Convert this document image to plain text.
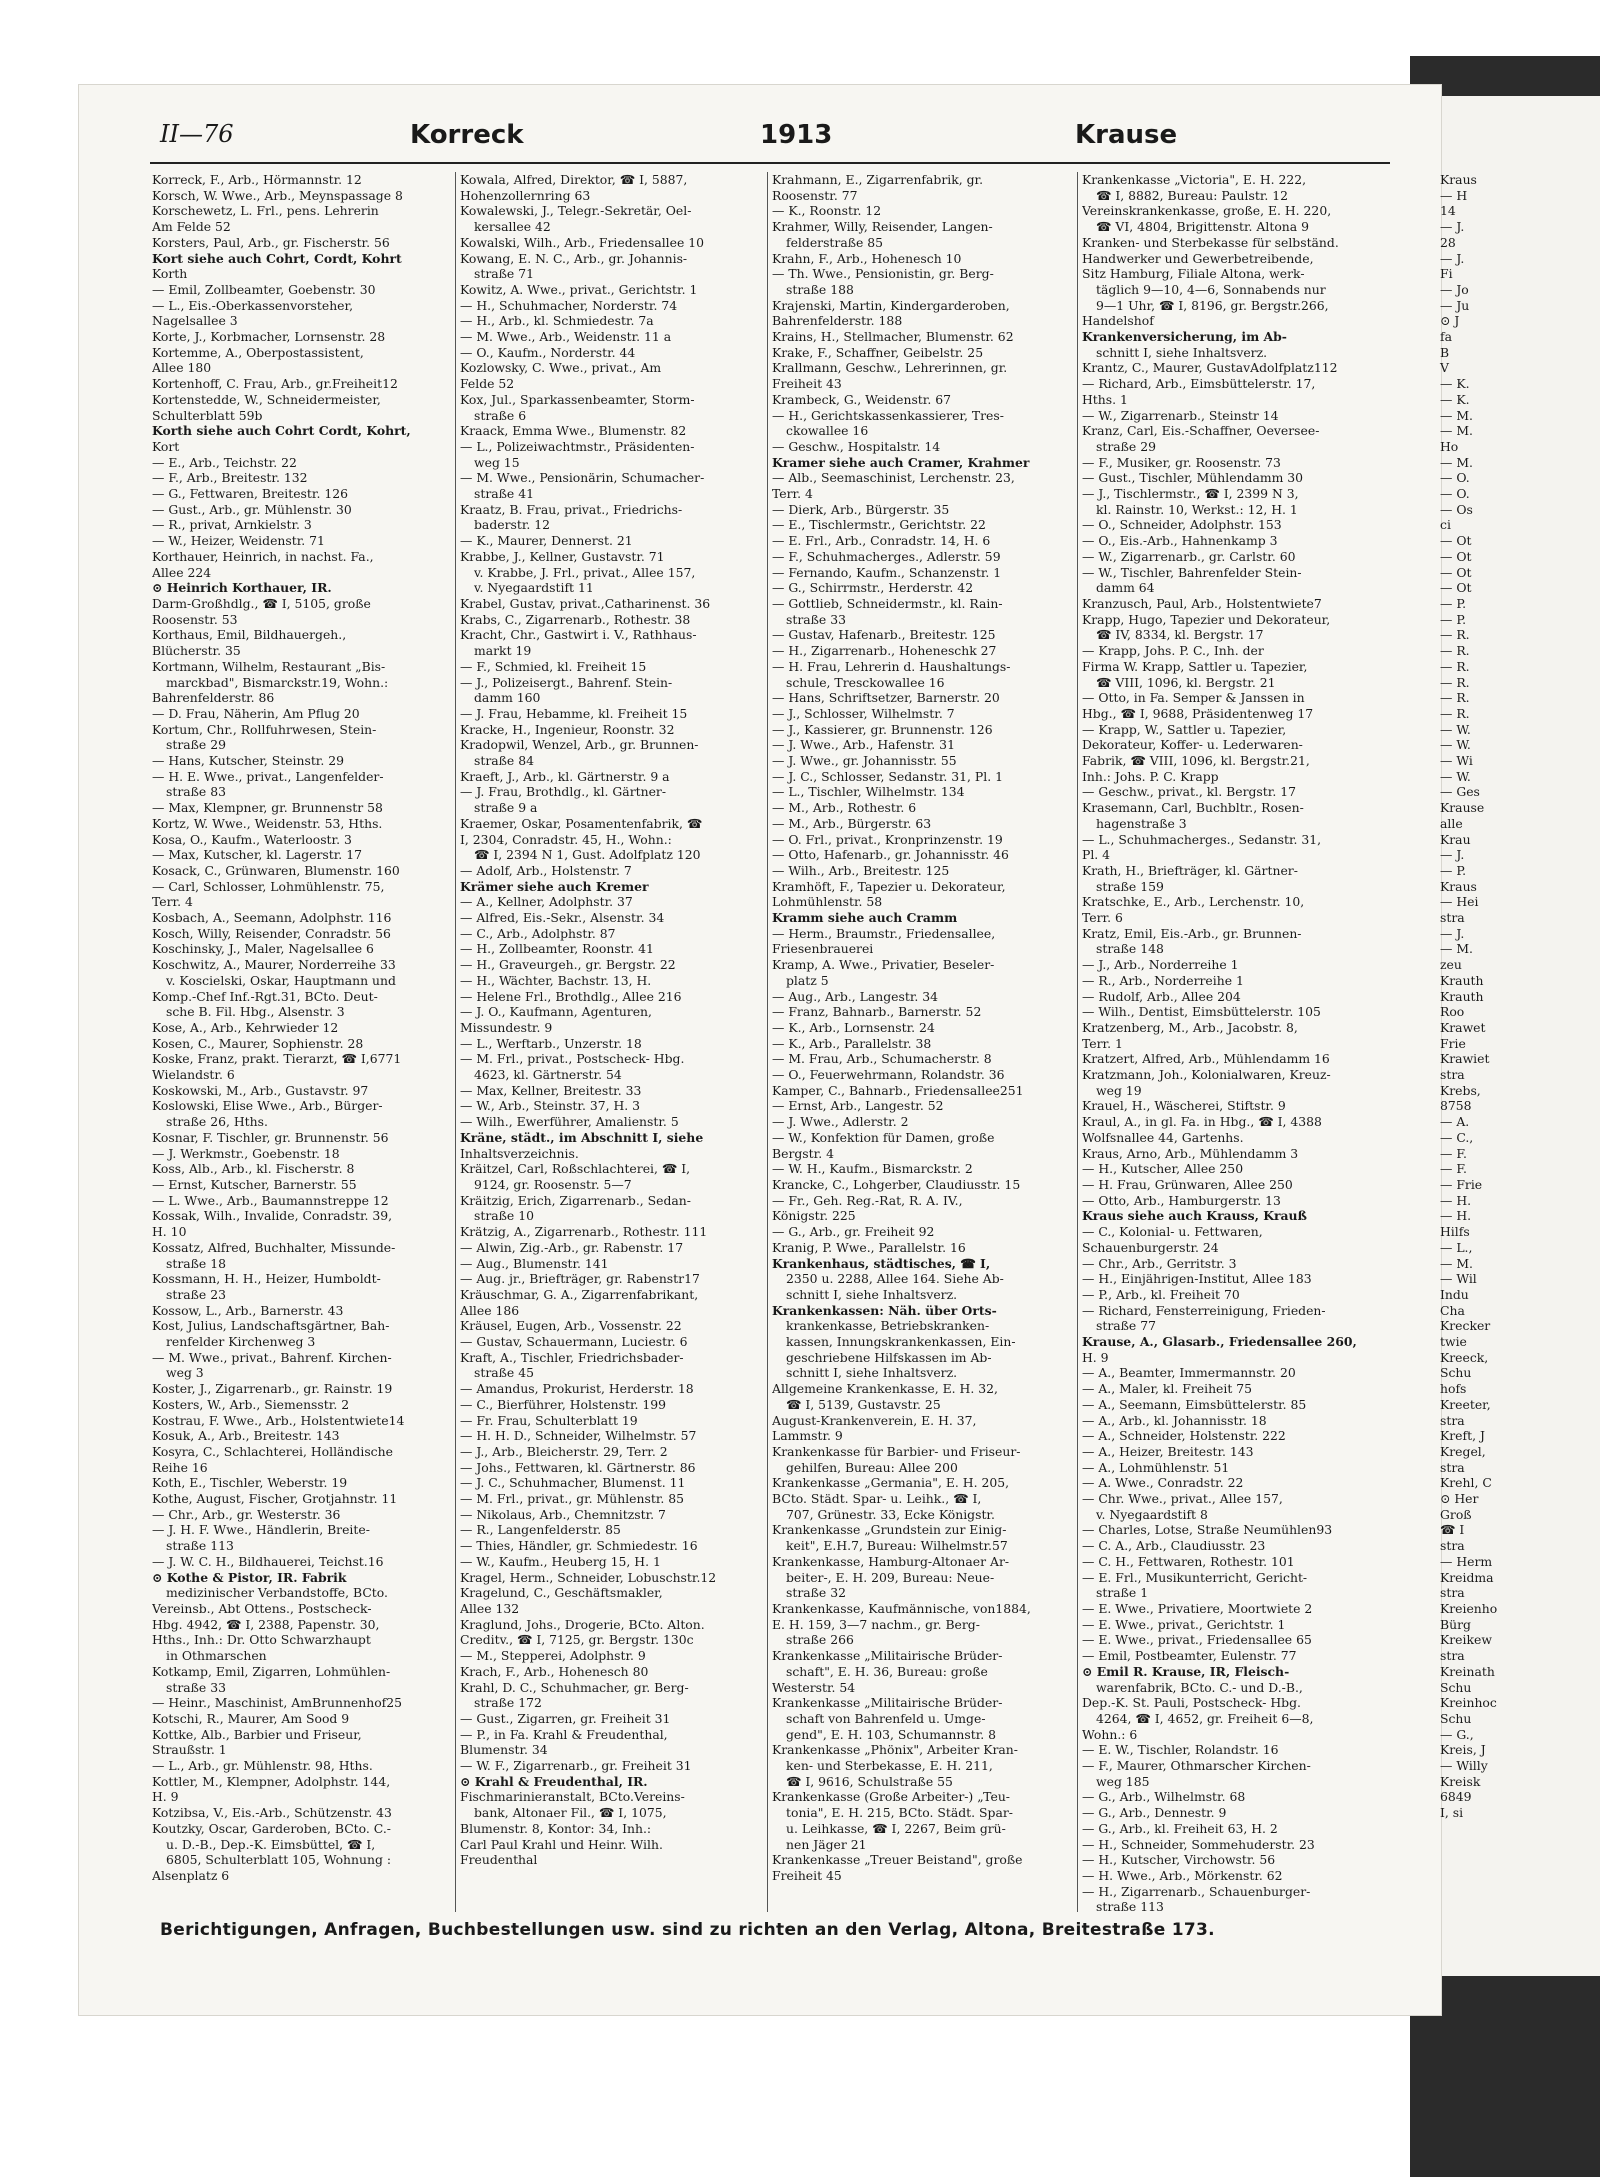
II—76	Korreck	1913	Krause
Korreck, F., Arb., Hörmannstr. 12
Korsch, W. Wwe., Arb., Meynspassage 8
Korschewetz, L. Frl., pens. Lehrerin
Am Felde 52
Korsters, Paul, Arb., gr. Fischerstr. 56
Kort siehe auch Cohrt, Cordt, Kohrt
Korth
— Emil, Zollbeamter, Goebenstr. 30
— L., Eis.-Oberkassenvorsteher,
Nagelsallee 3
Korte, J., Korbmacher, Lornsenstr. 28
Kortemme, A., Oberpostassistent,
Allee 180
Kortenhoff, C. Frau, Arb., gr.Freiheit12
Kortenstedde, W., Schneidermeister,
Schulterblatt 59b
Korth siehe auch Cohrt Cordt, Kohrt,
Kort
— E., Arb., Teichstr. 22
— F., Arb., Breitestr. 132
— G., Fettwaren, Breitestr. 126
— Gust., Arb., gr. Mühlenstr. 30
— R., privat, Arnkielstr. 3
— W., Heizer, Weidenstr. 71
Korthauer, Heinrich, in nachst. Fa.,
Allee 224
⊙ Heinrich Korthauer, IR.
Darm-Großhdlg., ☎ I, 5105, große
Roosenstr. 53
Korthaus, Emil, Bildhauergeh.,
Blücherstr. 35
Kortmann, Wilhelm, Restaurant „Bis-
marckbad", Bismarckstr.19, Wohn.:
Bahrenfelderstr. 86
— D. Frau, Näherin, Am Pflug 20
Kortum, Chr., Rollfuhrwesen, Stein-
straße 29
— Hans, Kutscher, Steinstr. 29
— H. E. Wwe., privat., Langenfelder-
straße 83
— Max, Klempner, gr. Brunnenstr 58
Kortz, W. Wwe., Weidenstr. 53, Hths.
Kosa, O., Kaufm., Waterloostr. 3
— Max, Kutscher, kl. Lagerstr. 17
Kosack, C., Grünwaren, Blumenstr. 160
— Carl, Schlosser, Lohmühlenstr. 75,
Terr. 4
Kosbach, A., Seemann, Adolphstr. 116
Kosch, Willy, Reisender, Conradstr. 56
Koschinsky, J., Maler, Nagelsallee 6
Koschwitz, A., Maurer, Norderreihe 33
v. Koscielski, Oskar, Hauptmann und
Komp.-Chef Inf.-Rgt.31, BCto. Deut-
sche B. Fil. Hbg., Alsenstr. 3
Kose, A., Arb., Kehrwieder 12
Kosen, C., Maurer, Sophienstr. 28
Koske, Franz, prakt. Tierarzt, ☎ I,6771
Wielandstr. 6
Koskowski, M., Arb., Gustavstr. 97
Koslowski, Elise Wwe., Arb., Bürger-
straße 26, Hths.
Kosnar, F. Tischler, gr. Brunnenstr. 56
— J. Werkmstr., Goebenstr. 18
Koss, Alb., Arb., kl. Fischerstr. 8
— Ernst, Kutscher, Barnerstr. 55
— L. Wwe., Arb., Baumannstreppe 12
Kossak, Wilh., Invalide, Conradstr. 39,
H. 10
Kossatz, Alfred, Buchhalter, Missunde-
straße 18
Kossmann, H. H., Heizer, Humboldt-
straße 23
Kossow, L., Arb., Barnerstr. 43
Kost, Julius, Landschaftsgärtner, Bah-
renfelder Kirchenweg 3
— M. Wwe., privat., Bahrenf. Kirchen-
weg 3
Koster, J., Zigarrenarb., gr. Rainstr. 19
Kosters, W., Arb., Siemensstr. 2
Kostrau, F. Wwe., Arb., Holstentwiete14
Kosuk, A., Arb., Breitestr. 143
Kosyra, C., Schlachterei, Holländische
Reihe 16
Koth, E., Tischler, Weberstr. 19
Kothe, August, Fischer, Grotjahnstr. 11
— Chr., Arb., gr. Westerstr. 36
— J. H. F. Wwe., Händlerin, Breite-
straße 113
— J. W. C. H., Bildhauerei, Teichst.16
⊙ Kothe & Pistor, IR. Fabrik
medizinischer Verbandstoffe, BCto.
Vereinsb., Abt Ottens., Postscheck-
Hbg. 4942, ☎ I, 2388, Papenstr. 30,
Hths., Inh.: Dr. Otto Schwarzhaupt
in Othmarschen
Kotkamp, Emil, Zigarren, Lohmühlen-
straße 33
— Heinr., Maschinist, AmBrunnenhof25
Kotschi, R., Maurer, Am Sood 9
Kottke, Alb., Barbier und Friseur,
Straußstr. 1
— L., Arb., gr. Mühlenstr. 98, Hths.
Kottler, M., Klempner, Adolphstr. 144,
H. 9
Kotzibsa, V., Eis.-Arb., Schützenstr. 43
Koutzky, Oscar, Garderoben, BCto. C.-
u. D.-B., Dep.-K. Eimsbüttel, ☎ I,
6805, Schulterblatt 105, Wohnung :
Alsenplatz 6
Kowala, Alfred, Direktor, ☎ I, 5887,
Hohenzollernring 63
Kowalewski, J., Telegr.-Sekretär, Oel-
kersallee 42
Kowalski, Wilh., Arb., Friedensallee 10
Kowang, E. N. C., Arb., gr. Johannis-
straße 71
Kowitz, A. Wwe., privat., Gerichtstr. 1
— H., Schuhmacher, Norderstr. 74
— H., Arb., kl. Schmiedestr. 7a
— M. Wwe., Arb., Weidenstr. 11 a
— O., Kaufm., Norderstr. 44
Kozlowsky, C. Wwe., privat., Am
Felde 52
Kox, Jul., Sparkassenbeamter, Storm-
straße 6
Kraack, Emma Wwe., Blumenstr. 82
— L., Polizeiwachtmstr., Präsidenten-
weg 15
— M. Wwe., Pensionärin, Schumacher-
straße 41
Kraatz, B. Frau, privat., Friedrichs-
baderstr. 12
— K., Maurer, Dennerst. 21
Krabbe, J., Kellner, Gustavstr. 71
v. Krabbe, J. Frl., privat., Allee 157,
v. Nyegaardstift 11
Krabel, Gustav, privat.,Catharinenst. 36
Krabs, C., Zigarrenarb., Rothestr. 38
Kracht, Chr., Gastwirt i. V., Rathhaus-
markt 19
— F., Schmied, kl. Freiheit 15
— J., Polizeisergt., Bahrenf. Stein-
damm 160
— J. Frau, Hebamme, kl. Freiheit 15
Kracke, H., Ingenieur, Roonstr. 32
Kradopwil, Wenzel, Arb., gr. Brunnen-
straße 84
Kraeft, J., Arb., kl. Gärtnerstr. 9 a
— J. Frau, Brothdlg., kl. Gärtner-
straße 9 a
Kraemer, Oskar, Posamentenfabrik, ☎
I, 2304, Conradstr. 45, H., Wohn.:
☎ I, 2394 N 1, Gust. Adolfplatz 120
— Adolf, Arb., Holstenstr. 7
Krämer siehe auch Kremer
— A., Kellner, Adolphstr. 37
— Alfred, Eis.-Sekr., Alsenstr. 34
— C., Arb., Adolphstr. 87
— H., Zollbeamter, Roonstr. 41
— H., Graveurgeh., gr. Bergstr. 22
— H., Wächter, Bachstr. 13, H.
— Helene Frl., Brothdlg., Allee 216
— J. O., Kaufmann, Agenturen,
Missundestr. 9
— L., Werftarb., Unzerstr. 18
— M. Frl., privat., Postscheck- Hbg.
4623, kl. Gärtnerstr. 54
— Max, Kellner, Breitestr. 33
— W., Arb., Steinstr. 37, H. 3
— Wilh., Ewerführer, Amalienstr. 5
Kräne, städt., im Abschnitt I, siehe
Inhaltsverzeichnis.
Kräitzel, Carl, Roßschlachterei, ☎ I,
9124, gr. Roosenstr. 5—7
Kräitzig, Erich, Zigarrenarb., Sedan-
straße 10
Krätzig, A., Zigarrenarb., Rothestr. 111
— Alwin, Zig.-Arb., gr. Rabenstr. 17
— Aug., Blumenstr. 141
— Aug. jr., Briefträger, gr. Rabenstr17
Kräuschmar, G. A., Zigarrenfabrikant,
Allee 186
Kräusel, Eugen, Arb., Vossenstr. 22
— Gustav, Schauermann, Luciestr. 6
Kraft, A., Tischler, Friedrichsbader-
straße 45
— Amandus, Prokurist, Herderstr. 18
— C., Bierführer, Holstenstr. 199
— Fr. Frau, Schulterblatt 19
— H. H. D., Schneider, Wilhelmstr. 57
— J., Arb., Bleicherstr. 29, Terr. 2
— Johs., Fettwaren, kl. Gärtnerstr. 86
— J. C., Schuhmacher, Blumenst. 11
— M. Frl., privat., gr. Mühlenstr. 85
— Nikolaus, Arb., Chemnitzstr. 7
— R., Langenfelderstr. 85
— Thies, Händler, gr. Schmiedestr. 16
— W., Kaufm., Heuberg 15, H. 1
Kragel, Herm., Schneider, Lobuschstr.12
Kragelund, C., Geschäftsmakler,
Allee 132
Kraglund, Johs., Drogerie, BCto. Alton.
Creditv., ☎ I, 7125, gr. Bergstr. 130c
— M., Stepperei, Adolphstr. 9
Krach, F., Arb., Hohenesch 80
Krahl, D. C., Schuhmacher, gr. Berg-
straße 172
— Gust., Zigarren, gr. Freiheit 31
— P., in Fa. Krahl & Freudenthal,
Blumenstr. 34
— W. F., Zigarrenarb., gr. Freiheit 31
⊙ Krahl & Freudenthal, IR.
Fischmarinieranstalt, BCto.Vereins-
bank, Altonaer Fil., ☎ I, 1075,
Blumenstr. 8, Kontor: 34, Inh.:
Carl Paul Krahl und Heinr. Wilh.
Freudenthal
Krahmann, E., Zigarrenfabrik, gr.
Roosenstr. 77
— K., Roonstr. 12
Krahmer, Willy, Reisender, Langen-
felderstraße 85
Krahn, F., Arb., Hohenesch 10
— Th. Wwe., Pensionistin, gr. Berg-
straße 188
Krajenski, Martin, Kindergarderoben,
Bahrenfelderstr. 188
Krains, H., Stellmacher, Blumenstr. 62
Krake, F., Schaffner, Geibelstr. 25
Krallmann, Geschw., Lehrerinnen, gr.
Freiheit 43
Krambeck, G., Weidenstr. 67
— H., Gerichtskassenkassierer, Tres-
ckowallee 16
— Geschw., Hospitalstr. 14
Kramer siehe auch Cramer, Krahmer
— Alb., Seemaschinist, Lerchenstr. 23,
Terr. 4
— Dierk, Arb., Bürgerstr. 35
— E., Tischlermstr., Gerichtstr. 22
— E. Frl., Arb., Conradstr. 14, H. 6
— F., Schuhmacherges., Adlerstr. 59
— Fernando, Kaufm., Schanzenstr. 1
— G., Schirrmstr., Herderstr. 42
— Gottlieb, Schneidermstr., kl. Rain-
straße 33
— Gustav, Hafenarb., Breitestr. 125
— H., Zigarrenarb., Hoheneschk 27
— H. Frau, Lehrerin d. Haushaltungs-
schule, Tresckowallee 16
— Hans, Schriftsetzer, Barnerstr. 20
— J., Schlosser, Wilhelmstr. 7
— J., Kassierer, gr. Brunnenstr. 126
— J. Wwe., Arb., Hafenstr. 31
— J. Wwe., gr. Johannisstr. 55
— J. C., Schlosser, Sedanstr. 31, Pl. 1
— L., Tischler, Wilhelmstr. 134
— M., Arb., Rothestr. 6
— M., Arb., Bürgerstr. 63
— O. Frl., privat., Kronprinzenstr. 19
— Otto, Hafenarb., gr. Johannisstr. 46
— Wilh., Arb., Breitestr. 125
Kramhöft, F., Tapezier u. Dekorateur,
Lohmühlenstr. 58
Kramm siehe auch Cramm
— Herm., Braumstr., Friedensallee,
Friesenbrauerei
Kramp, A. Wwe., Privatier, Beseler-
platz 5
— Aug., Arb., Langestr. 34
— Franz, Bahnarb., Barnerstr. 52
— K., Arb., Lornsenstr. 24
— K., Arb., Parallelstr. 38
— M. Frau, Arb., Schumacherstr. 8
— O., Feuerwehrmann, Rolandstr. 36
Kamper, C., Bahnarb., Friedensallee251
— Ernst, Arb., Langestr. 52
— J. Wwe., Adlerstr. 2
— W., Konfektion für Damen, große
Bergstr. 4
— W. H., Kaufm., Bismarckstr. 2
Krancke, C., Lohgerber, Claudiusstr. 15
— Fr., Geh. Reg.-Rat, R. A. IV.,
Königstr. 225
— G., Arb., gr. Freiheit 92
Kranig, P. Wwe., Parallelstr. 16
Krankenhaus, städtisches, ☎ I,
2350 u. 2288, Allee 164. Siehe Ab-
schnitt I, siehe Inhaltsverz.
Krankenkassen: Näh. über Orts-
krankenkasse, Betriebskranken-
kassen, Innungskrankenkassen, Ein-
geschriebene Hilfskassen im Ab-
schnitt I, siehe Inhaltsverz.
Allgemeine Krankenkasse, E. H. 32,
☎ I, 5139, Gustavstr. 25
August-Krankenverein, E. H. 37,
Lammstr. 9
Krankenkasse für Barbier- und Friseur-
gehilfen, Bureau: Allee 200
Krankenkasse „Germania", E. H. 205,
BCto. Städt. Spar- u. Leihk., ☎ I,
707, Grünestr. 33, Ecke Königstr.
Krankenkasse „Grundstein zur Einig-
keit", E.H.7, Bureau: Wilhelmstr.57
Krankenkasse, Hamburg-Altonaer Ar-
beiter-, E. H. 209, Bureau: Neue-
straße 32
Krankenkasse, Kaufmännische, von1884,
E. H. 159, 3—7 nachm., gr. Berg-
straße 266
Krankenkasse „Militairische Brüder-
schaft", E. H. 36, Bureau: große
Westerstr. 54
Krankenkasse „Militairische Brüder-
schaft von Bahrenfeld u. Umge-
gend", E. H. 103, Schumannstr. 8
Krankenkasse „Phönix", Arbeiter Kran-
ken- und Sterbekasse, E. H. 211,
☎ I, 9616, Schulstraße 55
Krankenkasse (Große Arbeiter-) „Teu-
tonia", E. H. 215, BCto. Städt. Spar-
u. Leihkasse, ☎ I, 2267, Beim grü-
nen Jäger 21
Krankenkasse „Treuer Beistand", große
Freiheit 45
Krankenkasse „Victoria", E. H. 222,
☎ I, 8882, Bureau: Paulstr. 12
Vereinskrankenkasse, große, E. H. 220,
☎ VI, 4804, Brigittenstr. Altona 9
Kranken- und Sterbekasse für selbständ.
Handwerker und Gewerbetreibende,
Sitz Hamburg, Filiale Altona, werk-
täglich 9—10, 4—6, Sonnabends nur
9—1 Uhr, ☎ I, 8196, gr. Bergstr.266,
Handelshof
Krankenversicherung, im Ab-
schnitt I, siehe Inhaltsverz.
Krantz, C., Maurer, GustavAdolfplatz112
— Richard, Arb., Eimsbüttelerstr. 17,
Hths. 1
— W., Zigarrenarb., Steinstr 14
Kranz, Carl, Eis.-Schaffner, Oeversee-
straße 29
— F., Musiker, gr. Roosenstr. 73
— Gust., Tischler, Mühlendamm 30
— J., Tischlermstr., ☎ I, 2399 N 3,
kl. Rainstr. 10, Werkst.: 12, H. 1
— O., Schneider, Adolphstr. 153
— O., Eis.-Arb., Hahnenkamp 3
— W., Zigarrenarb., gr. Carlstr. 60
— W., Tischler, Bahrenfelder Stein-
damm 64
Kranzusch, Paul, Arb., Holstentwiete7
Krapp, Hugo, Tapezier und Dekorateur,
☎ IV, 8334, kl. Bergstr. 17
— Krapp, Johs. P. C., Inh. der
Firma W. Krapp, Sattler u. Tapezier,
☎ VIII, 1096, kl. Bergstr. 21
— Otto, in Fa. Semper & Janssen in
Hbg., ☎ I, 9688, Präsidentenweg 17
— Krapp, W., Sattler u. Tapezier,
Dekorateur, Koffer- u. Lederwaren-
Fabrik, ☎ VIII, 1096, kl. Bergstr.21,
Inh.: Johs. P. C. Krapp
— Geschw., privat., kl. Bergstr. 17
Krasemann, Carl, Buchbltr., Rosen-
hagenstraße 3
— L., Schuhmacherges., Sedanstr. 31,
Pl. 4
Krath, H., Briefträger, kl. Gärtner-
straße 159
Kratschke, E., Arb., Lerchenstr. 10,
Terr. 6
Kratz, Emil, Eis.-Arb., gr. Brunnen-
straße 148
— J., Arb., Norderreihe 1
— R., Arb., Norderreihe 1
— Rudolf, Arb., Allee 204
— Wilh., Dentist, Eimsbüttelerstr. 105
Kratzenberg, M., Arb., Jacobstr. 8,
Terr. 1
Kratzert, Alfred, Arb., Mühlendamm 16
Kratzmann, Joh., Kolonialwaren, Kreuz-
weg 19
Krauel, H., Wäscherei, Stiftstr. 9
Kraul, A., in gl. Fa. in Hbg., ☎ I, 4388
Wolfsnallee 44, Gartenhs.
Kraus, Arno, Arb., Mühlendamm 3
— H., Kutscher, Allee 250
— H. Frau, Grünwaren, Allee 250
— Otto, Arb., Hamburgerstr. 13
Kraus siehe auch Krauss, Krauß
— C., Kolonial- u. Fettwaren,
Schauenburgerstr. 24
— Chr., Arb., Gerritstr. 3
— H., Einjährigen-Institut, Allee 183
— P., Arb., kl. Freiheit 70
— Richard, Fensterreinigung, Frieden-
straße 77
Krause, A., Glasarb., Friedensallee 260,
H. 9
— A., Beamter, Immermannstr. 20
— A., Maler, kl. Freiheit 75
— A., Seemann, Eimsbüttelerstr. 85
— A., Arb., kl. Johannisstr. 18
— A., Schneider, Holstenstr. 222
— A., Heizer, Breitestr. 143
— A., Lohmühlenstr. 51
— A. Wwe., Conradstr. 22
— Chr. Wwe., privat., Allee 157,
v. Nyegaardstift 8
— Charles, Lotse, Straße Neumühlen93
— C. A., Arb., Claudiusstr. 23
— C. H., Fettwaren, Rothestr. 101
— E. Frl., Musikunterricht, Gericht-
straße 1
— E. Wwe., Privatiere, Moortwiete 2
— E. Wwe., privat., Gerichtstr. 1
— E. Wwe., privat., Friedensallee 65
— Emil, Postbeamter, Eulenstr. 77
⊙ Emil R. Krause, IR, Fleisch-
warenfabrik, BCto. C.- und D.-B.,
Dep.-K. St. Pauli, Postscheck- Hbg.
4264, ☎ I, 4652, gr. Freiheit 6—8,
Wohn.: 6
— E. W., Tischler, Rolandstr. 16
— F., Maurer, Othmarscher Kirchen-
weg 185
— G., Arb., Wilhelmstr. 68
— G., Arb., Dennestr. 9
— G., Arb., kl. Freiheit 63, H. 2
— H., Schneider, Sommehuderstr. 23
— H., Kutscher, Virchowstr. 56
— H. Wwe., Arb., Mörkenstr. 62
— H., Zigarrenarb., Schauenburger-
straße 113
Kraus
— H
14
— J.
28
— J.
Fi
— Jo
— Ju
⊙ J
fa
B
V
— K.
— K.
— M.
— M.
Ho
— M.
— O.
— O.
— Os
ci
— Ot
— Ot
— Ot
— Ot
— P.
— P.
— R.
— R.
— R.
— R.
— R.
— R.
— W.
— W.
— Wi
— W.
— Ges
Krause
alle
Krau
— J.
— P.
Kraus
— Hei
stra
— J.
— M.
zeu
Krauth
Krauth
Roo
Krawet
Frie
Krawiet
stra
Krebs,
8758
— A.
— C.,
— F.
— F.
— Frie
— H.
— H.
Hilfs
— L.,
— M.
— Wil
Indu
Cha
Krecker
twie
Kreeck,
Schu
hofs
Kreeter,
stra
Kreft, J
Kregel,
stra
Krehl, C
⊙ Her
Groß
☎ I
stra
— Herm
Kreidma
stra
Kreienho
Bürg
Kreikew
stra
Kreinath
Schu
Kreinhoc
Schu
— G.,
Kreis, J
— Willy
Kreisk
6849
I, si
Berichtigungen, Anfragen, Buchbestellungen usw. sind zu richten an den Verlag, Altona, Breitestraße 173.
